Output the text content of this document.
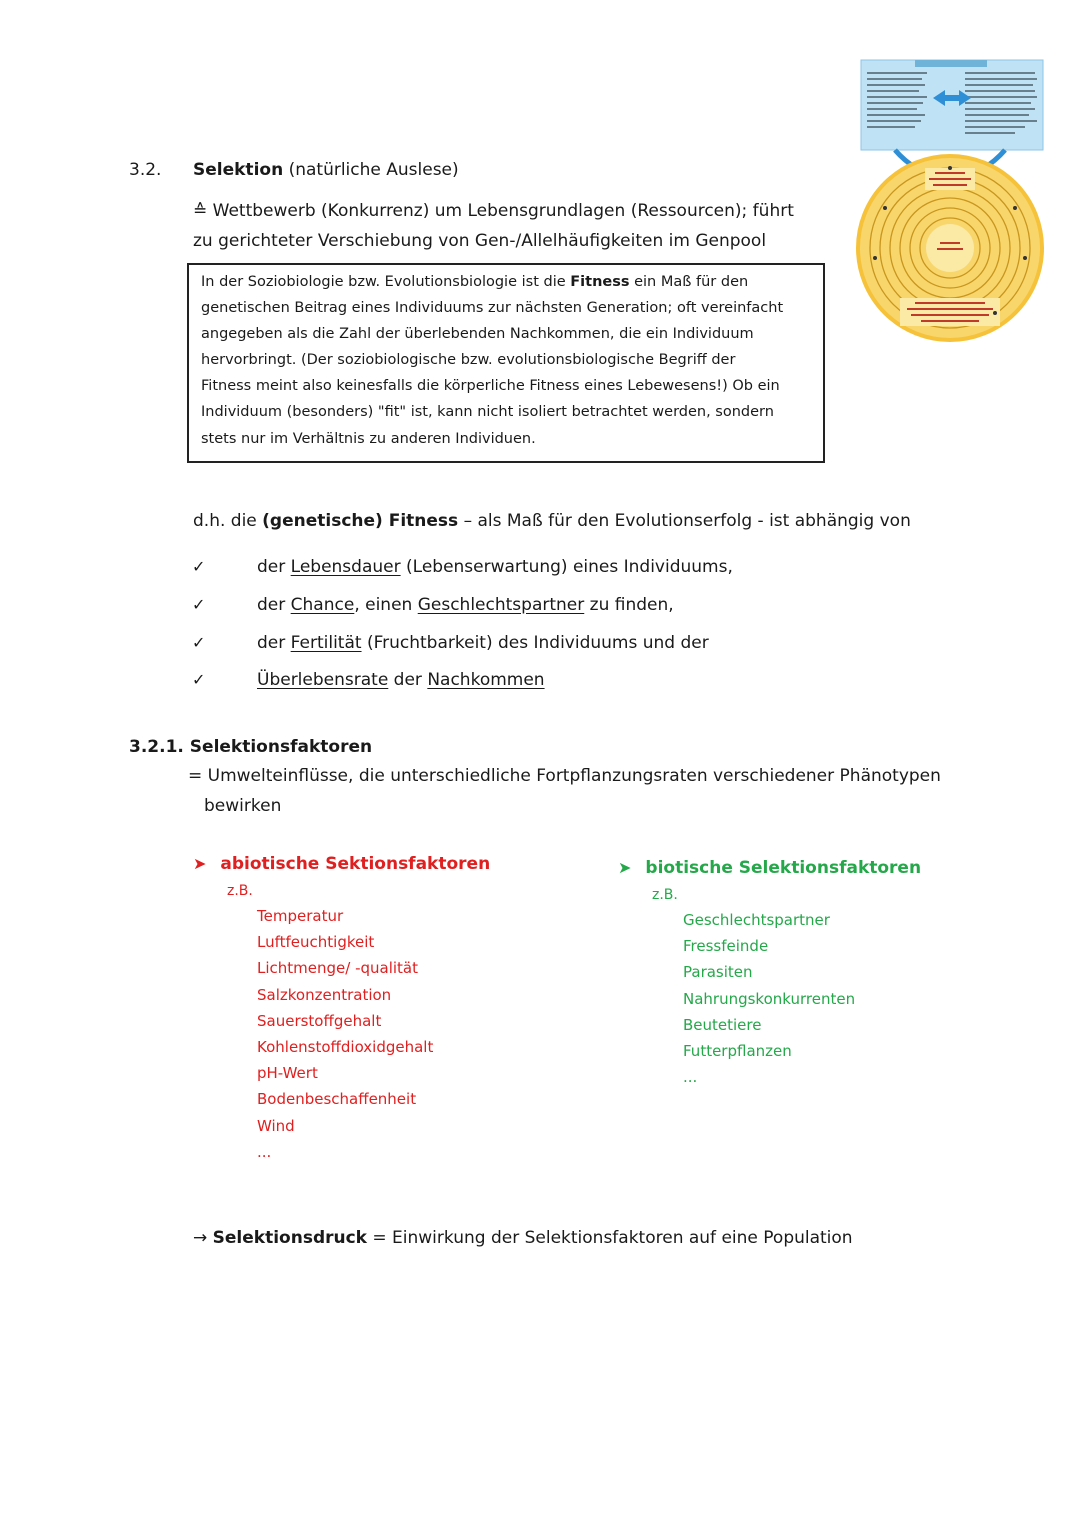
3.2. Selektion (natürliche Auslese)
≙ Wettbewerb (Konkurrenz) um Lebensgrundlagen (Ressourcen); führt
zu gerichteter Verschiebung von Gen-/Allelhäufigkeiten im Genpool
In der Soziobiologie bzw. Evolutionsbiologie ist die Fitness ein Maß für den
genetischen Beitrag eines Individuums zur nächsten Generation; oft vereinfacht
angegeben als die Zahl der überlebenden Nachkommen, die ein Individuum
hervorbringt. (Der soziobiologische bzw. evolutionsbiologische Begriff der
Fitness meint also keinesfalls die körperliche Fitness eines Lebewesens!) Ob ein
Individuum (besonders) "fit" ist, kann nicht isoliert betrachtet werden, sondern
stets nur im Verhältnis zu anderen Individuen.
d.h. die (genetische) Fitness – als Maß für den Evolutionserfolg - ist abhängig von
✓	der Lebensdauer (Lebenserwartung) eines Individuums,
✓	der Chance, einen Geschlechtspartner zu finden,
✓	der Fertilität (Fruchtbarkeit) des Individuums und der
✓	Überlebensrate der Nachkommen
3.2.1. Selektionsfaktoren
= Umwelteinflüsse, die unterschiedliche Fortpflanzungsraten verschiedener Phänotypen
bewirken
➤ abiotische Sektionsfaktoren
z.B.
Temperatur
Luftfeuchtigkeit
Lichtmenge/ -qualität
Salzkonzentration
Sauerstoffgehalt
Kohlenstoffdioxidgehalt
pH-Wert
Bodenbeschaffenheit
Wind
...
➤ biotische Selektionsfaktoren
z.B.
Geschlechtspartner
Fressfeinde
Parasiten
Nahrungskonkurrenten
Beutetiere
Futterpflanzen
...
→ Selektionsdruck = Einwirkung der Selektionsfaktoren auf eine Population
